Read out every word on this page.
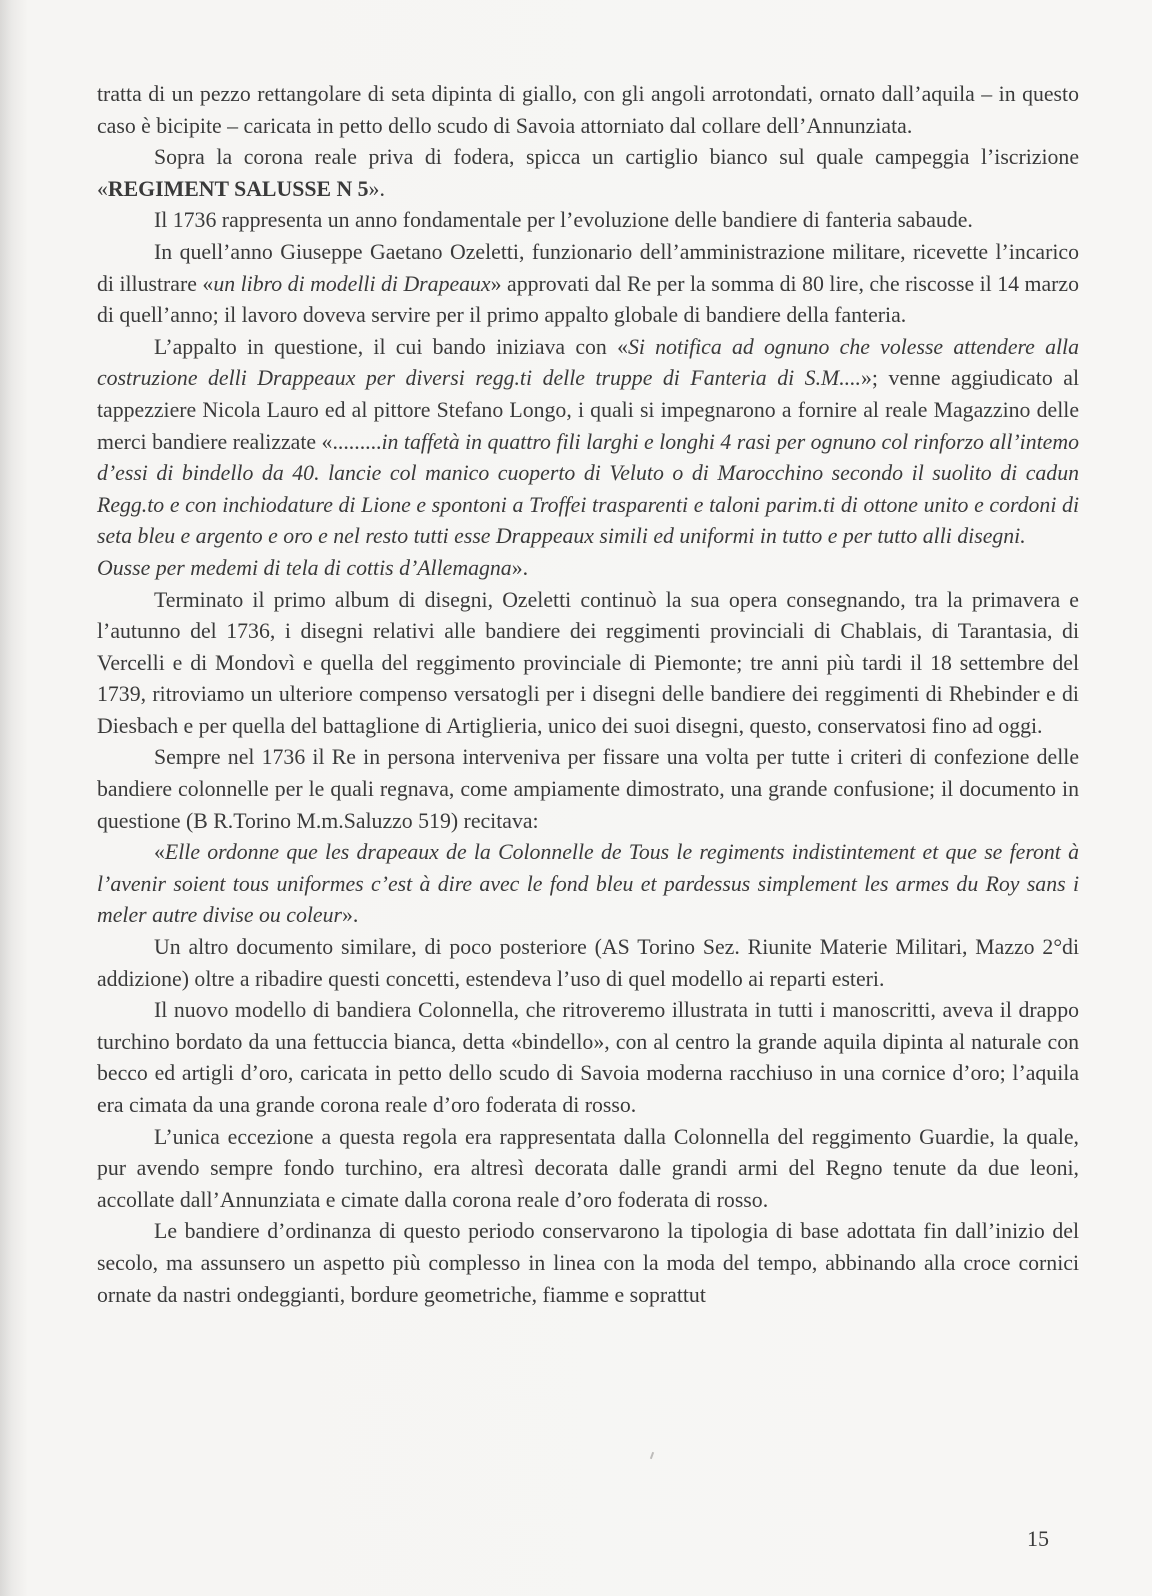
tratta di un pezzo rettangolare di seta dipinta di giallo, con gli angoli arrotondati, ornato dall’aquila – in questo caso è bicipite – caricata in petto dello scudo di Savoia attorniato dal collare dell’Annunziata.

Sopra la corona reale priva di fodera, spicca un cartiglio bianco sul quale campeggia l’iscrizione «REGIMENT SALUSSE N 5».

Il 1736 rappresenta un anno fondamentale per l’evoluzione delle bandiere di fanteria sabaude.

In quell’anno Giuseppe Gaetano Ozeletti, funzionario dell’amministrazione militare, ricevette l’incarico di illustrare «un libro di modelli di Drapeaux» approvati dal Re per la somma di 80 lire, che riscosse il 14 marzo di quell’anno; il lavoro doveva servire per il primo appalto globale di bandiere della fanteria.

L’appalto in questione, il cui bando iniziava con «Si notifica ad ognuno che volesse attendere alla costruzione delli Drappeaux per diversi regg.ti delle truppe di Fanteria di S.M....»; venne aggiudicato al tappezziere Nicola Lauro ed al pittore Stefano Longo, i quali si impegnarono a fornire al reale Magazzino delle merci bandiere realizzate «.........in taffetà in quattro fili larghi e longhi 4 rasi per ognuno col rinforzo all’intemo d’essi di bindello da 40. lancie col manico cuoperto di Veluto o di Marocchino secondo il suolito di cadun Regg.to e con inchiodature di Lione e spontoni a Troffei trasparenti e taloni parim.ti di ottone unito e cordoni di seta bleu e argento e oro e nel resto tutti esse Drappeaux simili ed uniformi in tutto e per tutto alli disegni.

Ousse per medemi di tela di cottis d’Allemagna».

Terminato il primo album di disegni, Ozeletti continuò la sua opera consegnando, tra la primavera e l’autunno del 1736, i disegni relativi alle bandiere dei reggimenti provinciali di Chablais, di Tarantasia, di Vercelli e di Mondovì e quella del reggimento provinciale di Piemonte; tre anni più tardi il 18 settembre del 1739, ritroviamo un ulteriore compenso versatogli per i disegni delle bandiere dei reggimenti di Rhebinder e di Diesbach e per quella del battaglione di Artiglieria, unico dei suoi disegni, questo, conservatosi fino ad oggi.

Sempre nel 1736 il Re in persona interveniva per fissare una volta per tutte i criteri di confezione delle bandiere colonnelle per le quali regnava, come ampiamente dimostrato, una grande confusione; il documento in questione (B R.Torino M.m.Saluzzo 519) recitava:

«Elle ordonne que les drapeaux de la Colonnelle de Tous le regiments indistintement et que se feront à l’avenir soient tous uniformes c’est à dire avec le fond bleu et pardessus simplement les armes du Roy sans i meler autre divise ou coleur».

Un altro documento similare, di poco posteriore (AS Torino Sez. Riunite Materie Militari, Mazzo 2°di addizione) oltre a ribadire questi concetti, estendeva l’uso di quel modello ai reparti esteri.

Il nuovo modello di bandiera Colonnella, che ritroveremo illustrata in tutti i manoscritti, aveva il drappo turchino bordato da una fettuccia bianca, detta «bindello», con al centro la grande aquila dipinta al naturale con becco ed artigli d’oro, caricata in petto dello scudo di Savoia moderna racchiuso in una cornice d’oro; l’aquila era cimata da una grande corona reale d’oro foderata di rosso.

L’unica eccezione a questa regola era rappresentata dalla Colonnella del reggimento Guardie, la quale, pur avendo sempre fondo turchino, era altresì decorata dalle grandi armi del Regno tenute da due leoni, accollate dall’Annunziata e cimate dalla corona reale d’oro foderata di rosso.

Le bandiere d’ordinanza di questo periodo conservarono la tipologia di base adottata fin dall’inizio del secolo, ma assunsero un aspetto più complesso in linea con la moda del tempo, abbinando alla croce cornici ornate da nastri ondeggianti, bordure geometriche, fiamme e soprattut

15
